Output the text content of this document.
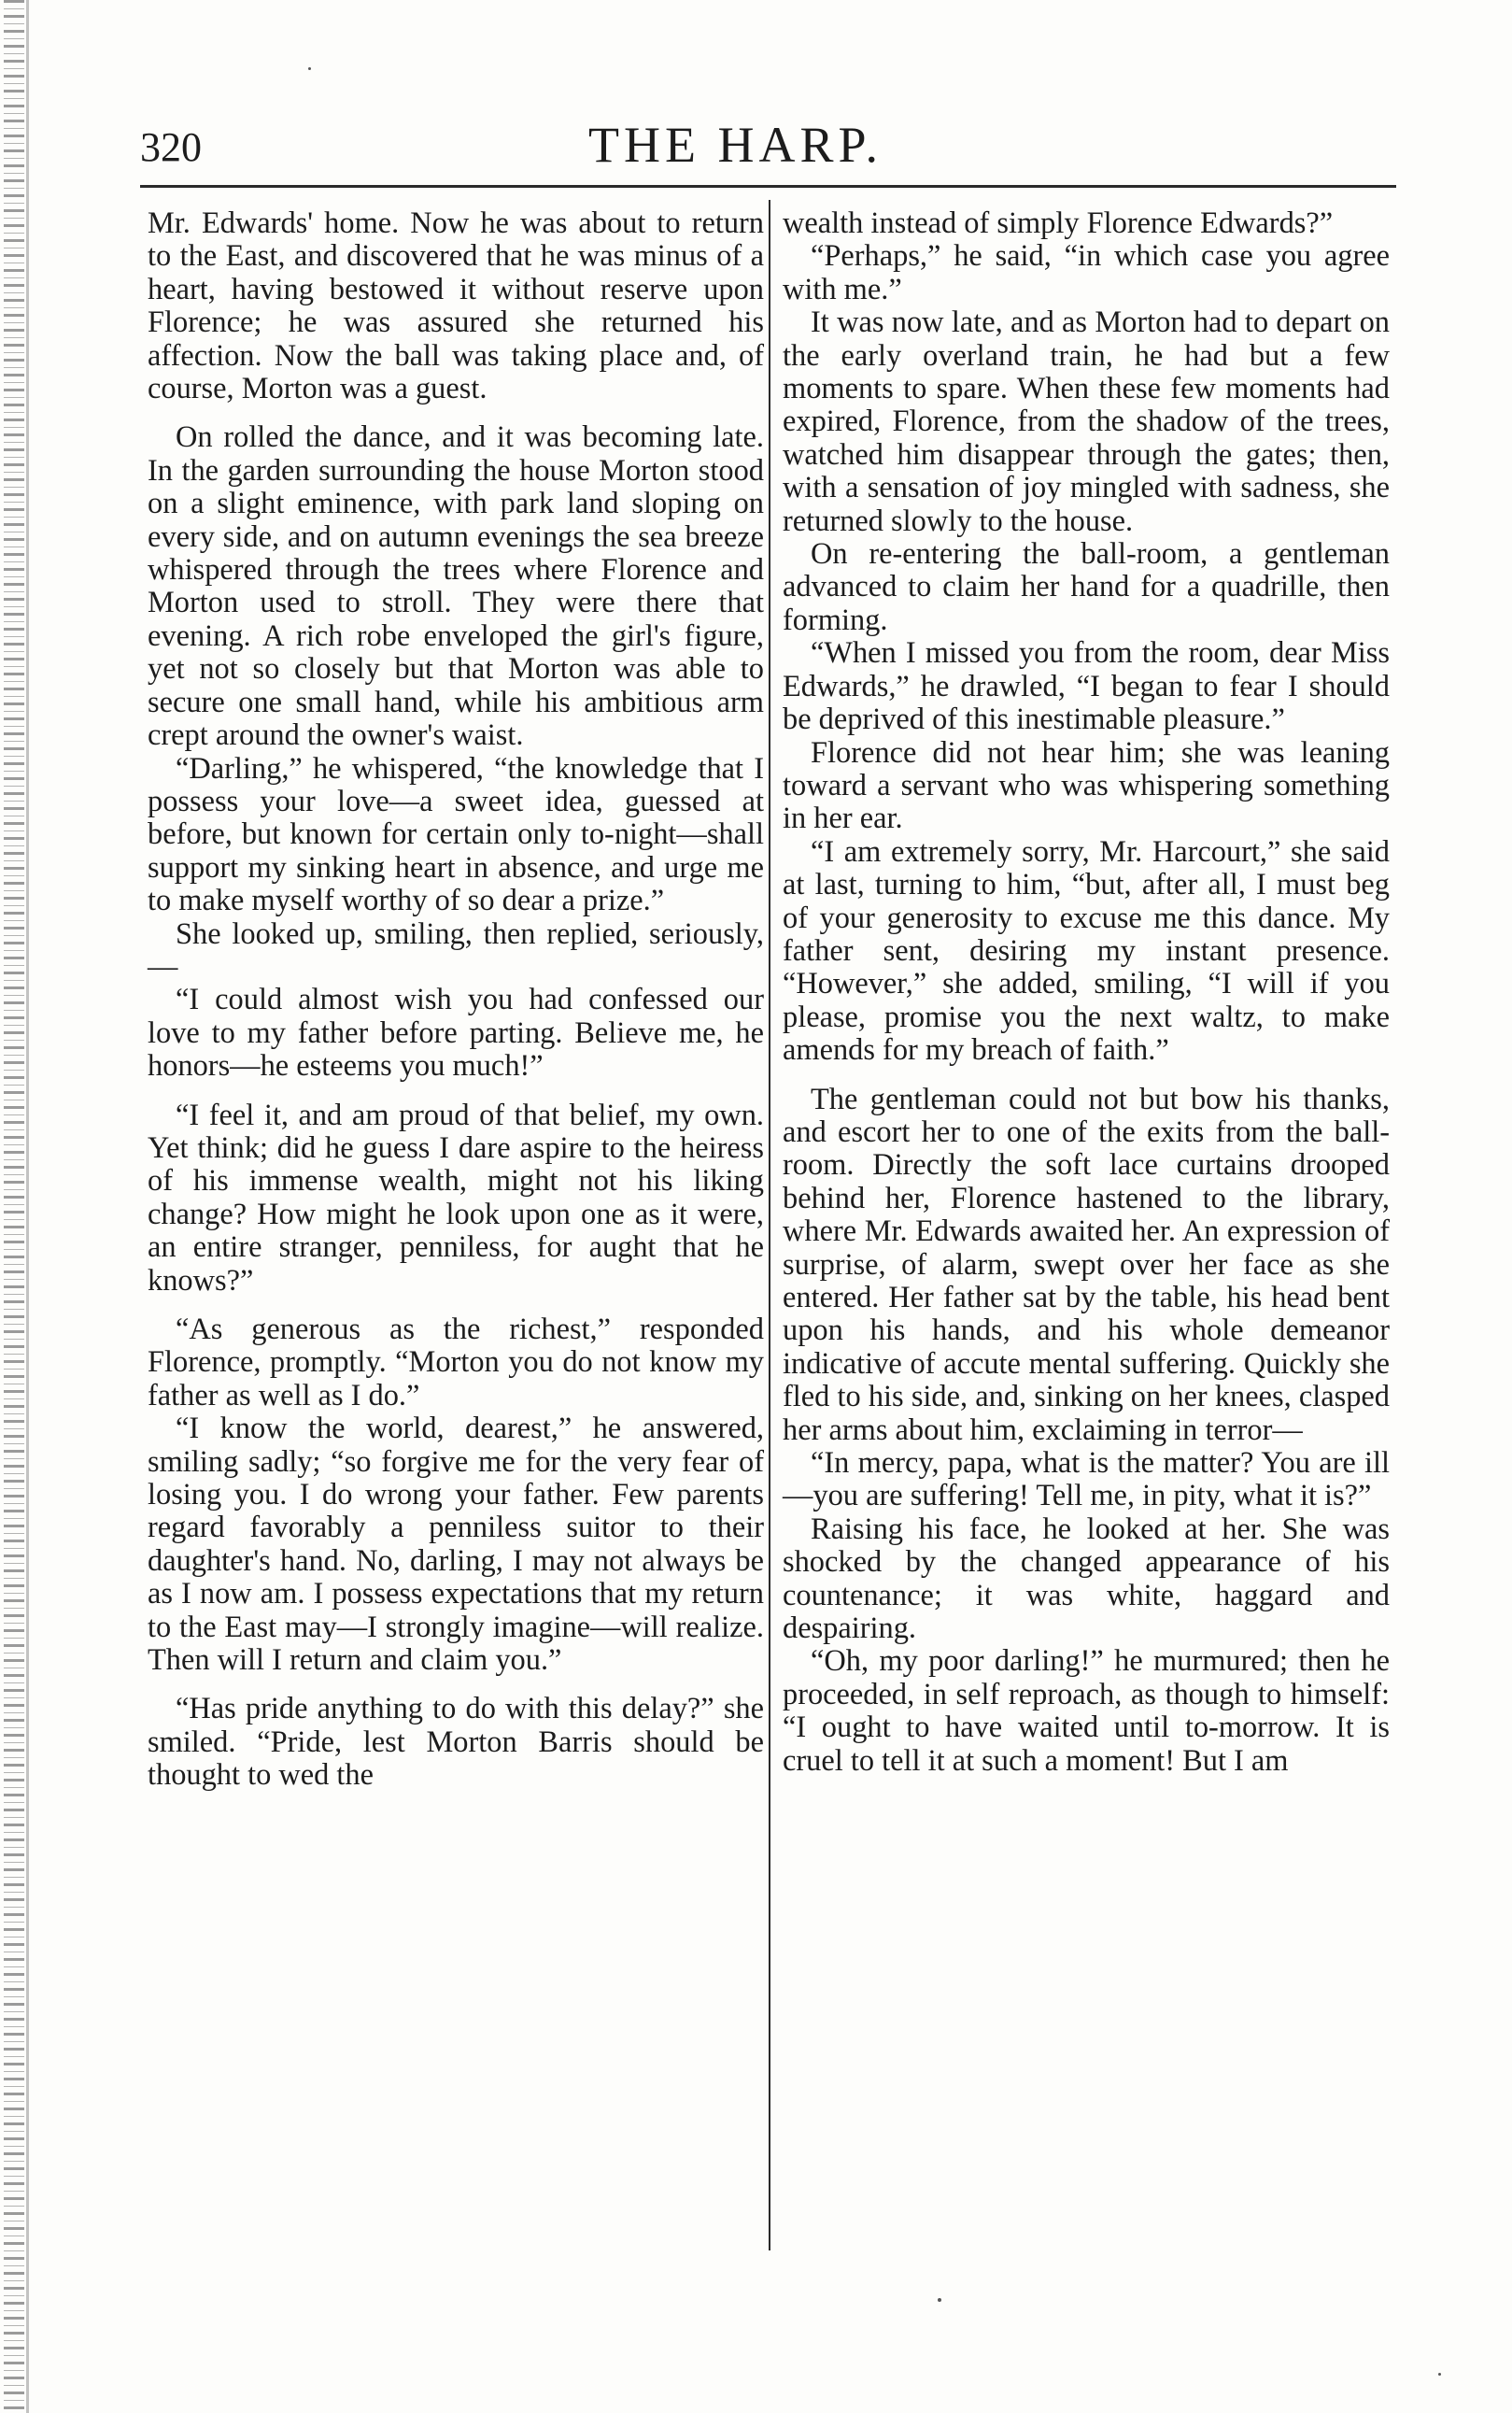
320	THE HARP.

Mr. Edwards' home. Now he was about to return to the East, and discovered that he was minus of a heart, having bestowed it without reserve upon Florence; he was assured she returned his affection. Now the ball was taking place and, of course, Morton was a guest.

On rolled the dance, and it was becoming late. In the garden surrounding the house Morton stood on a slight eminence, with park land sloping on every side, and on autumn evenings the sea breeze whispered through the trees where Florence and Morton used to stroll. They were there that evening. A rich robe enveloped the girl's figure, yet not so closely but that Morton was able to secure one small hand, while his ambitious arm crept around the owner's waist.

“Darling,” he whispered, “the knowledge that I possess your love—a sweet idea, guessed at before, but known for certain only to-night—shall support my sinking heart in absence, and urge me to make myself worthy of so dear a prize.”

She looked up, smiling, then replied, seriously,—

“I could almost wish you had confessed our love to my father before parting. Believe me, he honors—he esteems you much!”

“I feel it, and am proud of that belief, my own. Yet think; did he guess I dare aspire to the heiress of his immense wealth, might not his liking change? How might he look upon one as it were, an entire stranger, penniless, for aught that he knows?”

“As generous as the richest,” responded Florence, promptly. “Morton you do not know my father as well as I do.”

“I know the world, dearest,” he answered, smiling sadly; “so forgive me for the very fear of losing you. I do wrong your father. Few parents regard favorably a penniless suitor to their daughter's hand. No, darling, I may not always be as I now am. I possess expectations that my return to the East may—I strongly imagine—will realize. Then will I return and claim you.”

“Has pride anything to do with this delay?” she smiled. “Pride, lest Morton Barris should be thought to wed the

wealth instead of simply Florence Edwards?”

“Perhaps,” he said, “in which case you agree with me.”

It was now late, and as Morton had to depart on the early overland train, he had but a few moments to spare. When these few moments had expired, Florence, from the shadow of the trees, watched him disappear through the gates; then, with a sensation of joy mingled with sadness, she returned slowly to the house.

On re-entering the ball-room, a gentleman advanced to claim her hand for a quadrille, then forming.

“When I missed you from the room, dear Miss Edwards,” he drawled, “I began to fear I should be deprived of this inestimable pleasure.”

Florence did not hear him; she was leaning toward a servant who was whispering something in her ear.

“I am extremely sorry, Mr. Harcourt,” she said at last, turning to him, “but, after all, I must beg of your generosity to excuse me this dance. My father sent, desiring my instant presence. “However,” she added, smiling, “I will if you please, promise you the next waltz, to make amends for my breach of faith.”

The gentleman could not but bow his thanks, and escort her to one of the exits from the ball-room. Directly the soft lace curtains drooped behind her, Florence hastened to the library, where Mr. Edwards awaited her. An expression of surprise, of alarm, swept over her face as she entered. Her father sat by the table, his head bent upon his hands, and his whole demeanor indicative of accute mental suffering. Quickly she fled to his side, and, sinking on her knees, clasped her arms about him, exclaiming in terror—

“In mercy, papa, what is the matter? You are ill—you are suffering! Tell me, in pity, what it is?”

Raising his face, he looked at her. She was shocked by the changed appearance of his countenance; it was white, haggard and despairing.

“Oh, my poor darling!” he murmured; then he proceeded, in self reproach, as though to himself: “I ought to have waited until to-morrow. It is cruel to tell it at such a moment! But I am
